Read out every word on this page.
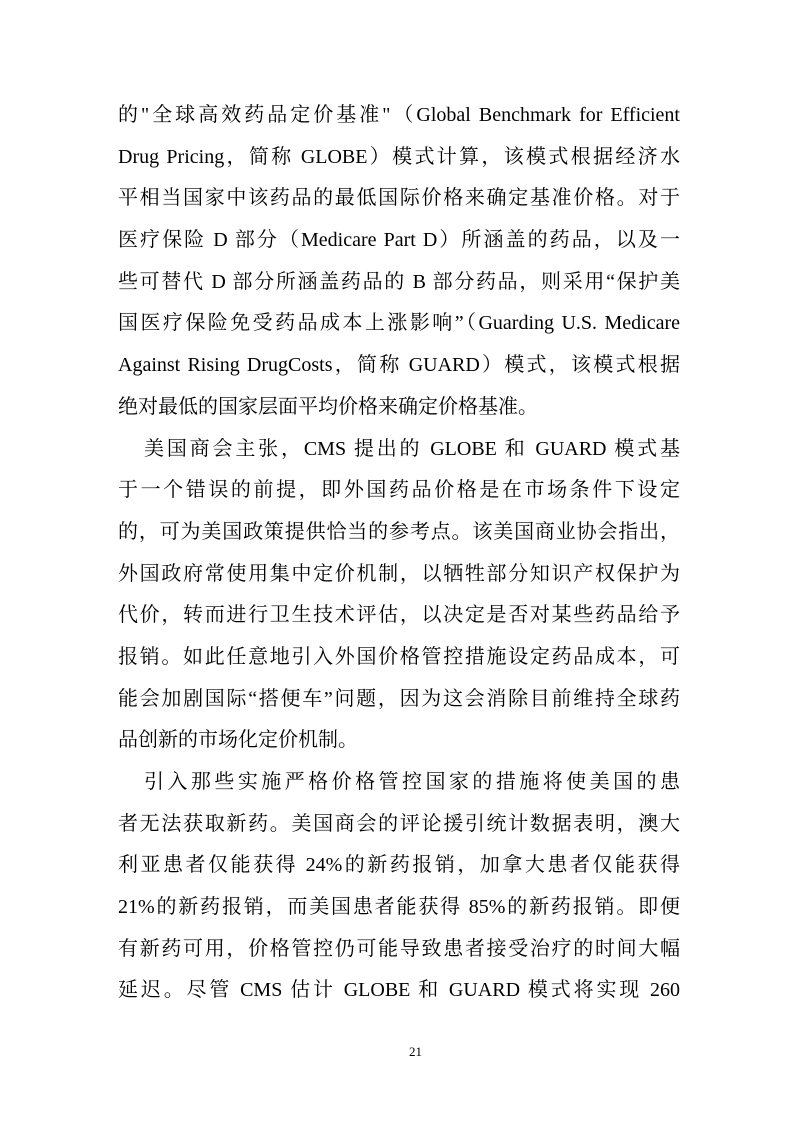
的"全球高效药品定价基准"（Global Benchmark for Efficient
Drug Pricing，简称 GLOBE）模式计算，该模式根据经济水
平相当国家中该药品的最低国际价格来确定基准价格。对于
医疗保险 D 部分（Medicare Part D）所涵盖的药品，以及一
些可替代 D 部分所涵盖药品的 B 部分药品，则采用“保护美
国医疗保险免受药品成本上涨影响”（Guarding U.S. Medicare
Against Rising DrugCosts，简称 GUARD）模式，该模式根据
绝对最低的国家层面平均价格来确定价格基准。
美国商会主张，CMS 提出的 GLOBE 和 GUARD 模式基
于一个错误的前提，即外国药品价格是在市场条件下设定
的，可为美国政策提供恰当的参考点。该美国商业协会指出，
外国政府常使用集中定价机制，以牺牲部分知识产权保护为
代价，转而进行卫生技术评估，以决定是否对某些药品给予
报销。如此任意地引入外国价格管控措施设定药品成本，可
能会加剧国际“搭便车”问题，因为这会消除目前维持全球药
品创新的市场化定价机制。
引入那些实施严格价格管控国家的措施将使美国的患
者无法获取新药。美国商会的评论援引统计数据表明，澳大
利亚患者仅能获得 24%的新药报销，加拿大患者仅能获得
21%的新药报销，而美国患者能获得 85%的新药报销。即便
有新药可用，价格管控仍可能导致患者接受治疗的时间大幅
延迟。尽管 CMS 估计 GLOBE 和 GUARD 模式将实现 260
21
